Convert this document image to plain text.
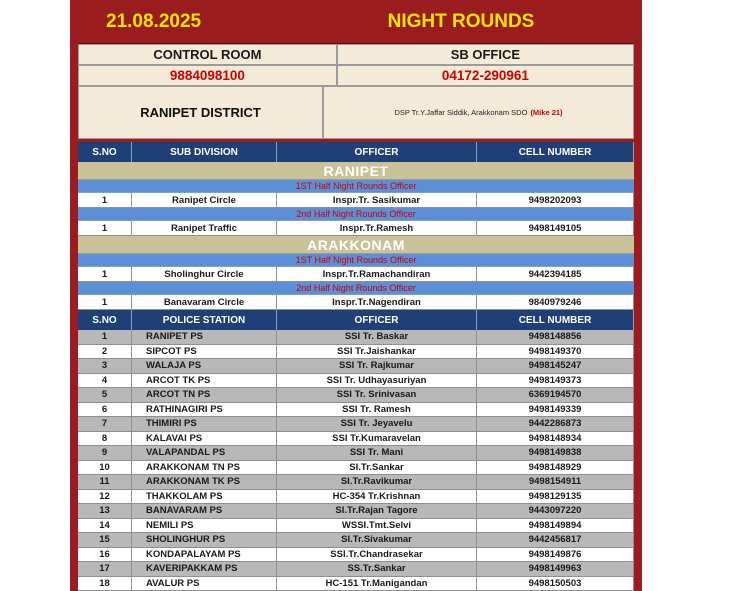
21.08.2025	NIGHT ROUNDS
CONTROL ROOM	SB OFFICE
9884098100	04172-290961
RANIPET DISTRICT	DSP Tr.Y.Jaffar Siddik, Arakkonam SDO (Mike 21)
S.NO	SUB DIVISION	OFFICER	CELL NUMBER
RANIPET
1ST Half Night Rounds Officer
1	Ranipet Circle	Inspr.Tr. Sasikumar	9498202093
2nd Half Night Rounds Officer
1	Ranipet Traffic	Inspr.Tr.Ramesh	9498149105
ARAKKONAM
1ST Half Night Rounds Officer
1	Sholinghur Circle	Inspr.Tr.Ramachandiran	9442394185
2nd Half Night Rounds Officer
1	Banavaram Circle	Inspr.Tr.Nagendiran	9840979246
S.NO	POLICE STATION	OFFICER	CELL NUMBER
1	RANIPET PS	SSI Tr. Baskar	9498148856
2	SIPCOT PS	SSI Tr.Jaishankar	9498149370
3	WALAJA PS	SSI Tr. Rajkumar	9498145247
4	ARCOT TK PS	SSI Tr. Udhayasuriyan	9498149373
5	ARCOT TN PS	SSI Tr. Srinivasan	6369194570
6	RATHINAGIRI PS	SSI Tr. Ramesh	9498149339
7	THIMIRI PS	SSI Tr. Jeyavelu	9442286873
8	KALAVAI PS	SSI Tr.Kumaravelan	9498148934
9	VALAPANDAL PS	SSI Tr. Mani	9498149838
10	ARAKKONAM TN PS	SI.Tr.Sankar	9498148929
11	ARAKKONAM TK PS	SI.Tr.Ravikumar	9498154911
12	THAKKOLAM PS	HC-354 Tr.Krishnan	9498129135
13	BANAVARAM PS	SI.Tr.Rajan Tagore	9443097220
14	NEMILI PS	WSSI.Tmt.Selvi	9498149894
15	SHOLINGHUR PS	SI.Tr.Sivakumar	9442456817
16	KONDAPALAYAM PS	SSI.Tr.Chandrasekar	9498149876
17	KAVERIPAKKAM PS	SS.Tr.Sankar	9498149963
18	AVALUR PS	HC-151 Tr.Manigandan	9498150503
